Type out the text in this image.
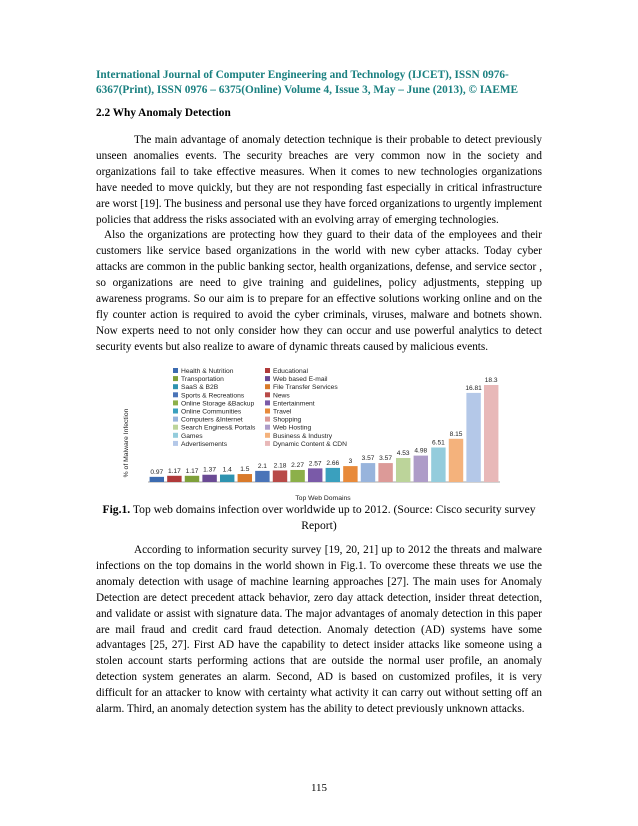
International Journal of Computer Engineering and Technology (IJCET), ISSN 0976-
6367(Print), ISSN 0976 – 6375(Online) Volume 4, Issue 3, May – June (2013), © IAEME
2.2 Why Anomaly Detection

The main advantage of anomaly detection technique is their probable to detect previously unseen anomalies events. The security breaches are very common now in the society and organizations fail to take effective measures. When it comes to new technologies organizations have needed to move quickly, but they are not responding fast especially in critical infrastructure are worst [19]. The business and personal use they have forced organizations to urgently implement policies that address the risks associated with an evolving array of emerging technologies.

Also the organizations are protecting how they guard to their data of the employees and their customers like service based organizations in the world with new cyber attacks. Today cyber attacks are common in the public banking sector, health organizations, defense, and service sector , so organizations are need to give training and guidelines, policy adjustments, stepping up awareness programs. So our aim is to prepare for an effective solutions working online and on the fly counter action is required to avoid the cyber criminals, viruses, malware and botnets shown. Now experts need to not only consider how they can occur and use powerful analytics to detect security events but also realize to aware of dynamic threats caused by malicious events.

0.97 1.17 1.17 1.37 1.4 1.5 2.1 2.18 2.27 2.57 2.66 3 3.57 3.57
4.53 4.98
6.51
8.15
16.81
18.3
% of Malware Infection
Top Web Domains
Health & Nutrition	Educational
Transportation	Web based E-mail
SaaS & B2B	File Transfer Services
Sports & Recreations	News
Online Storage &Backup	Entertainment
Online Communities	Travel
Computers &Internet	Shopping
Search Engines& Portals	Web Hosting
Games	Business & Industry
Advertisements	Dynamic Content & CDN
Fig.1. Top web domains infection over worldwide up to 2012. (Source: Cisco security survey Report)

According to information security survey [19, 20, 21] up to 2012 the threats and malware infections on the top domains in the world shown in Fig.1. To overcome these threats we use the anomaly detection with usage of machine learning approaches [27]. The main uses for Anomaly Detection are detect precedent attack behavior, zero day attack detection, insider threat detection, and validate or assist with signature data. The major advantages of anomaly detection in this paper are mail fraud and credit card fraud detection. Anomaly detection (AD) systems have some advantages [25, 27]. First AD have the capability to detect insider attacks like someone using a stolen account starts performing actions that are outside the normal user profile, an anomaly detection system generates an alarm. Second, AD is based on customized profiles, it is very difficult for an attacker to know with certainty what activity it can carry out without setting off an alarm. Third, an anomaly detection system has the ability to detect previously unknown attacks.

115
